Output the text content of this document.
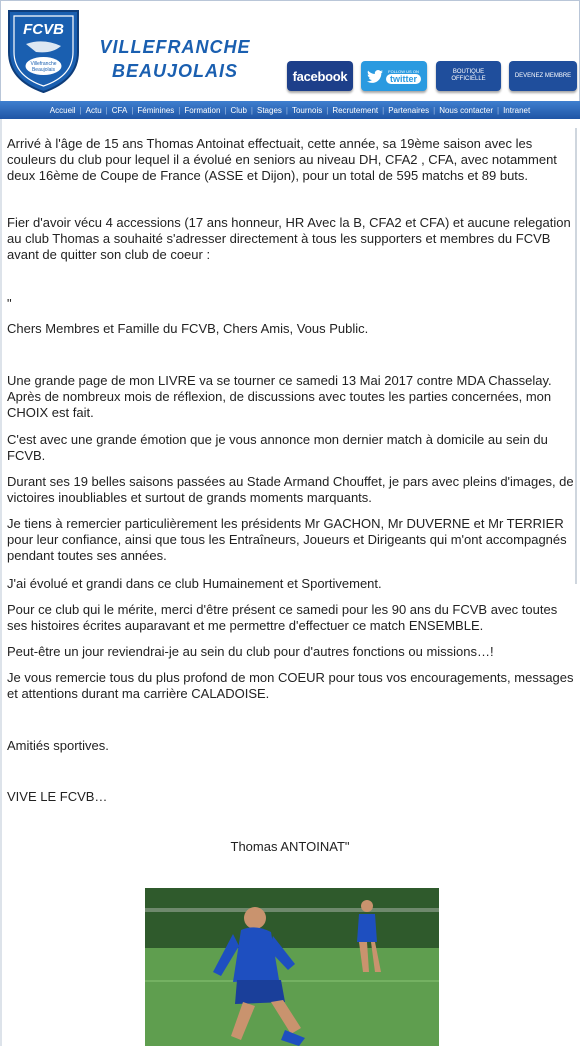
FCVB
Villefranche
Beaujolais
VILLEFRANCHE
BEAUJOLAIS	facebook	FOLLOW US ON
twitter
BOUTIQUE
OFFICIELLE	DEVENEZ MEMBRE
Accueil | Actu | CFA | Féminines | Formation | Club | Stages | Tournois | Recrutement | Partenaires | Nous contacter | Intranet
Arrivé à l'âge de 15 ans Thomas Antoinat effectuait, cette année, sa 19ème saison avec les couleurs du club pour lequel il a évolué en seniors au niveau DH, CFA2 , CFA, avec notamment deux 16ème de Coupe de France (ASSE et Dijon), pour un total de 595 matchs et 89 buts.
Fier d'avoir vécu 4 accessions (17 ans honneur, HR Avec la B, CFA2 et CFA) et aucune relegation au club Thomas a souhaité s'adresser directement à tous les supporters et membres du FCVB avant de quitter son club de coeur :
"
Chers Membres et Famille du FCVB, Chers Amis, Vous Public.
Une grande page de mon LIVRE va se tourner ce samedi 13 Mai 2017 contre MDA Chasselay. Après de nombreux mois de réflexion, de discussions avec toutes les parties concernées, mon CHOIX est fait.
C'est avec une grande émotion que je vous annonce mon dernier match à domicile au sein du FCVB.
Durant ses 19 belles saisons passées au Stade Armand Chouffet, je pars avec pleins d'images, de victoires inoubliables et surtout de grands moments marquants.
Je tiens à remercier particulièrement les présidents Mr GACHON, Mr DUVERNE et Mr TERRIER pour leur confiance, ainsi que tous les Entraîneurs, Joueurs et Dirigeants qui m'ont accompagnés pendant toutes ses années.
J'ai évolué et grandi dans ce club Humainement et Sportivement.
Pour ce club qui le mérite, merci d'être présent ce samedi pour les 90 ans du FCVB avec toutes ses histoires écrites auparavant et me permettre d'effectuer ce match ENSEMBLE.
Peut-être un jour reviendrai-je au sein du club pour d'autres fonctions ou missions…!
Je vous remercie tous du plus profond de mon COEUR pour tous vos encouragements, messages et attentions durant ma carrière CALADOISE.
Amitiés sportives.
VIVE LE FCVB…
Thomas ANTOINAT"
